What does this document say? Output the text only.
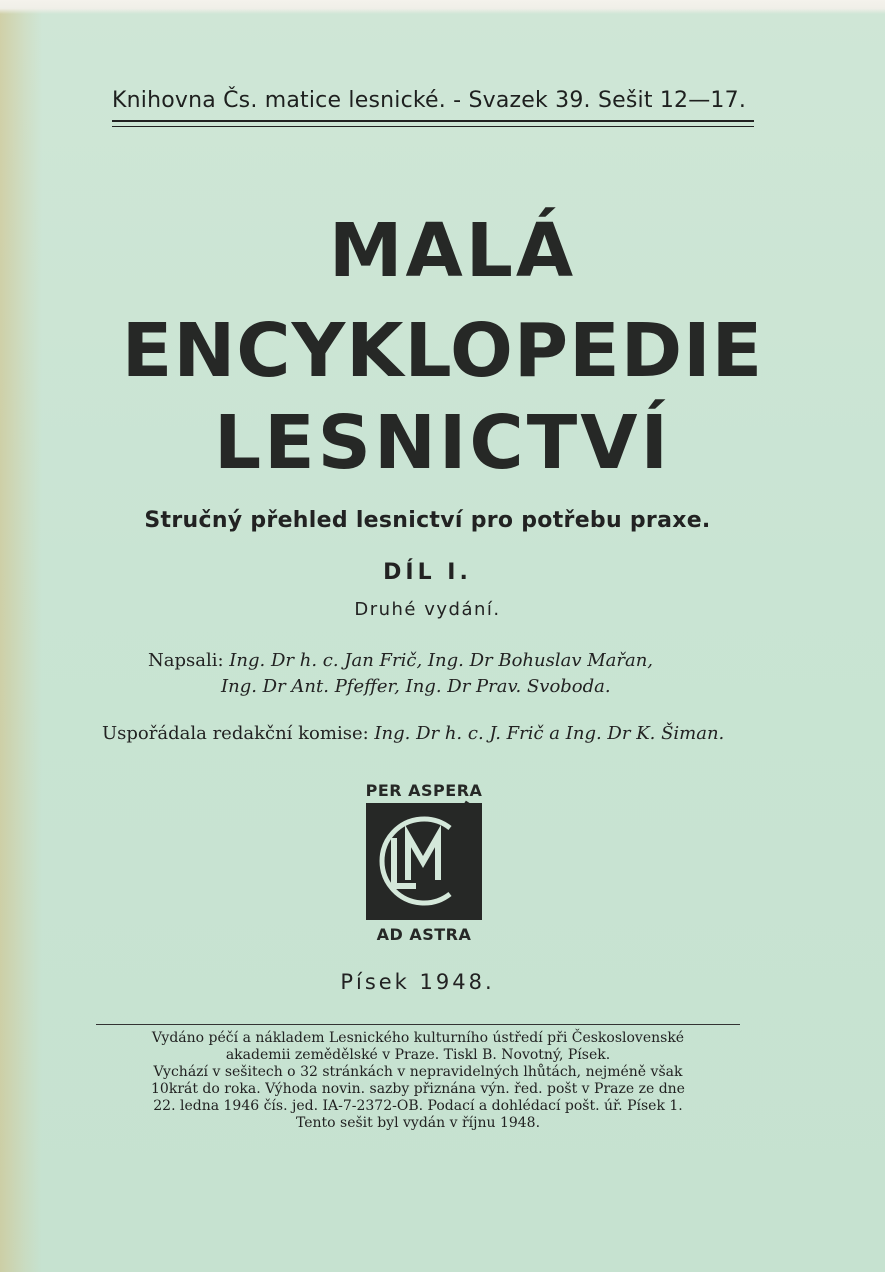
Knihovna Čs. matice lesnické. - Svazek 39. Sešit 12—17.
MALÁ
ENCYKLOPEDIE
LESNICTVÍ
Stručný přehled lesnictví pro potřebu praxe.
DÍL I.
Druhé vydání.
Napsali: Ing. Dr h. c. Jan Frič, Ing. Dr Bohuslav Mařan,
Ing. Dr Ant. Pfeffer, Ing. Dr Prav. Svoboda.
Uspořádala redakční komise: Ing. Dr h. c. J. Frič a Ing. Dr K. Šiman.
PER ASPERA
AD ASTRA
Písek 1948.
Vydáno péčí a nákladem Lesnického kulturního ústředí při Československé
akademii zemědělské v Praze. Tiskl B. Novotný, Písek.
Vychází v sešitech o 32 stránkách v nepravidelných lhůtách, nejméně však
10krát do roka. Výhoda novin. sazby přiznána výn. řed. pošt v Praze ze dne
22. ledna 1946 čís. jed. IA-7-2372-OB. Podací a dohlédací pošt. úř. Písek 1.
Tento sešit byl vydán v říjnu 1948.
